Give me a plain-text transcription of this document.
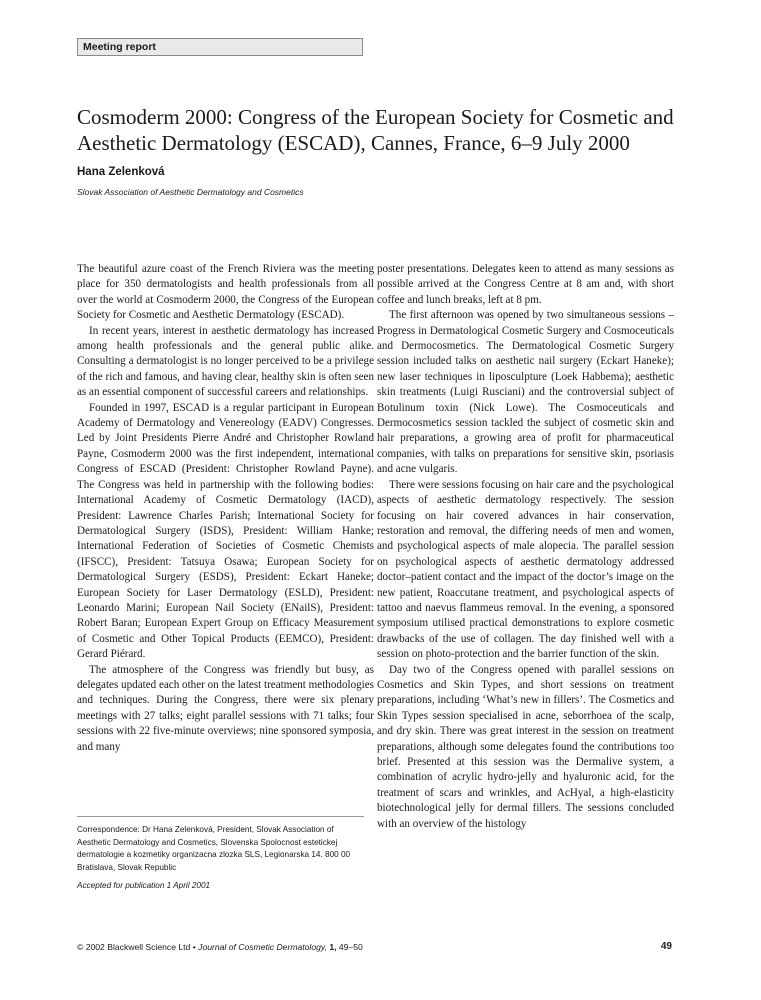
Meeting report
Cosmoderm 2000: Congress of the European Society for Cosmetic and Aesthetic Dermatology (ESCAD), Cannes, France, 6–9 July 2000
Hana Zelenková
Slovak Association of Aesthetic Dermatology and Cosmetics

The beautiful azure coast of the French Riviera was the meeting place for 350 dermatologists and health professionals from all over the world at Cosmoderm 2000, the Congress of the European Society for Cosmetic and Aesthetic Dermatology (ESCAD).

In recent years, interest in aesthetic dermatology has increased among health professionals and the general public alike. Consulting a dermatologist is no longer perceived to be a privilege of the rich and famous, and having clear, healthy skin is often seen as an essential component of successful careers and relationships.

Founded in 1997, ESCAD is a regular participant in European Academy of Dermatology and Venereology (EADV) Congresses. Led by Joint Presidents Pierre André and Christopher Rowland Payne, Cosmoderm 2000 was the first independent, international Congress of ESCAD (President: Christopher Rowland Payne). The Congress was held in partnership with the following bodies: International Academy of Cosmetic Dermatology (IACD), President: Lawrence Charles Parish; International Society for Dermatological Surgery (ISDS), President: William Hanke; International Federation of Societies of Cosmetic Chemists (IFSCC), President: Tatsuya Osawa; European Society for Dermatological Surgery (ESDS), President: Eckart Haneke; European Society for Laser Dermatology (ESLD), President: Leonardo Marini; European Nail Society (ENailS), President: Robert Baran; European Expert Group on Efficacy Measurement of Cosmetic and Other Topical Products (EEMCO), President: Gerard Piérard.

The atmosphere of the Congress was friendly but busy, as delegates updated each other on the latest treatment methodologies and techniques. During the Congress, there were six plenary meetings with 27 talks; eight parallel sessions with 71 talks; four sessions with 22 five-minute overviews; nine sponsored symposia, and many

poster presentations. Delegates keen to attend as many sessions as possible arrived at the Congress Centre at 8 am and, with short coffee and lunch breaks, left at 8 pm.

The first afternoon was opened by two simultaneous sessions – Progress in Dermatological Cosmetic Surgery and Cosmoceuticals and Dermocosmetics. The Dermatological Cosmetic Surgery session included talks on aesthetic nail surgery (Eckart Haneke); new laser techniques in liposculpture (Loek Habbema); aesthetic skin treatments (Luigi Rusciani) and the controversial subject of Botulinum toxin (Nick Lowe). The Cosmoceuticals and Dermocosmetics session tackled the subject of cosmetic skin and hair preparations, a growing area of profit for pharmaceutical companies, with talks on preparations for sensitive skin, psoriasis and acne vulgaris.

There were sessions focusing on hair care and the psychological aspects of aesthetic dermatology respectively. The session focusing on hair covered advances in hair conservation, restoration and removal, the differing needs of men and women, and psychological aspects of male alopecia. The parallel session on psychological aspects of aesthetic dermatology addressed doctor–patient contact and the impact of the doctor’s image on the new patient, Roaccutane treatment, and psychological aspects of tattoo and naevus flammeus removal. In the evening, a sponsored symposium utilised practical demonstrations to explore cosmetic drawbacks of the use of collagen. The day finished well with a session on photo-protection and the barrier function of the skin.

Day two of the Congress opened with parallel sessions on Cosmetics and Skin Types, and short sessions on treatment preparations, including ‘What’s new in fillers’. The Cosmetics and Skin Types session specialised in acne, seborrhoea of the scalp, and dry skin. There was great interest in the session on treatment preparations, although some delegates found the contributions too brief. Presented at this session was the Dermalive system, a combination of acrylic hydro-jelly and hyaluronic acid, for the treatment of scars and wrinkles, and AcHyal, a high-elasticity biotechnological jelly for dermal fillers. The sessions concluded with an overview of the histology

Correspondence: Dr Hana Zelenková, President, Slovak Association of Aesthetic Dermatology and Cosmetics, Slovenska Spolocnost estetickej dermatologie a kozmetiky organizacna zlozka SLS, Legionarska 14. 800 00 Bratislava, Slovak Republic
Accepted for publication 1 April 2001
© 2002 Blackwell Science Ltd • Journal of Cosmetic Dermatology, 1, 49–50	49
